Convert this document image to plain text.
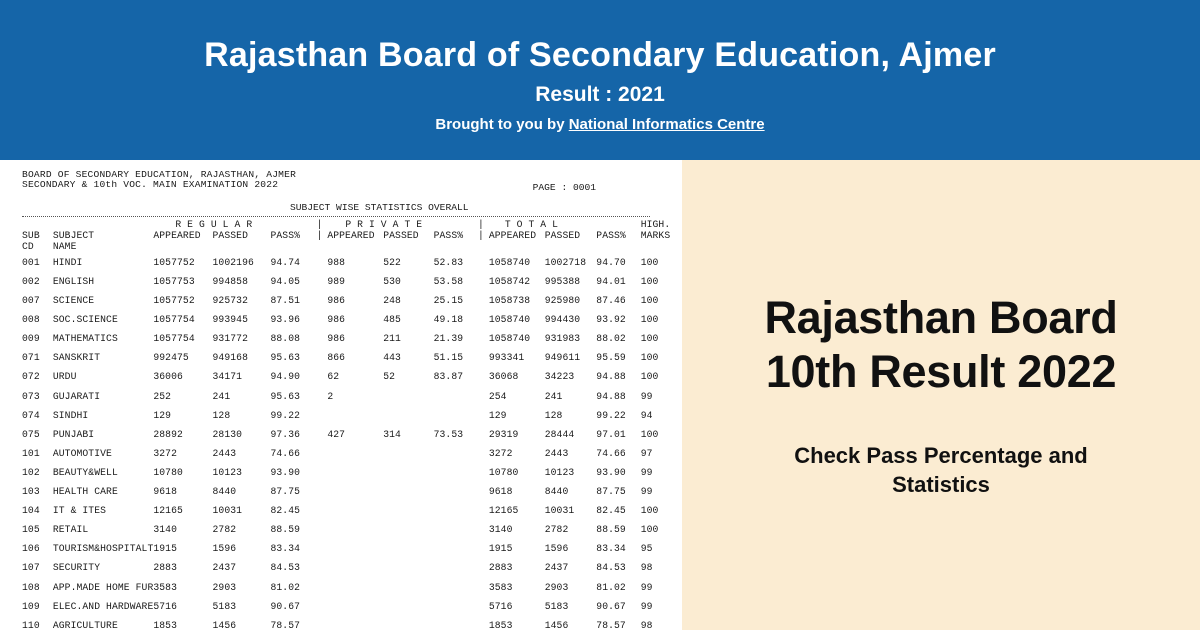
Rajasthan Board of Secondary Education, Ajmer
Result : 2021
Brought to you by National Informatics Centre
BOARD OF SECONDARY EDUCATION, RAJASTHAN, AJMER
SECONDARY & 10th VOC. MAIN EXAMINATION 2022	PAGE : 0001
SUBJECT WISE STATISTICS OVERALL
		R E G U L A R			|	P R I V A T E			|	T O T A L			HIGH.
SUB	SUBJECT	APPEARED	PASSED	PASS%	|	APPEARED	PASSED	PASS%	|	APPEARED	PASSED	PASS%	MARKS
CD	NAME												
001	HINDI	1057752	1002196	94.74		988	522	52.83		1058740	1002718	94.70	100
002	ENGLISH	1057753	994858	94.05		989	530	53.58		1058742	995388	94.01	100
007	SCIENCE	1057752	925732	87.51		986	248	25.15		1058738	925980	87.46	100
008	SOC.SCIENCE	1057754	993945	93.96		986	485	49.18		1058740	994430	93.92	100
009	MATHEMATICS	1057754	931772	88.08		986	211	21.39		1058740	931983	88.02	100
071	SANSKRIT	992475	949168	95.63		866	443	51.15		993341	949611	95.59	100
072	URDU	36006	34171	94.90		62	52	83.87		36068	34223	94.88	100
073	GUJARATI	252	241	95.63		2				254	241	94.88	99
074	SINDHI	129	128	99.22						129	128	99.22	94
075	PUNJABI	28892	28130	97.36		427	314	73.53		29319	28444	97.01	100
101	AUTOMOTIVE	3272	2443	74.66						3272	2443	74.66	97
102	BEAUTY&WELL	10780	10123	93.90						10780	10123	93.90	99
103	HEALTH CARE	9618	8440	87.75						9618	8440	87.75	99
104	IT & ITES	12165	10031	82.45						12165	10031	82.45	100
105	RETAIL	3140	2782	88.59						3140	2782	88.59	100
106	TOURISM&HOSPITALT	1915	1596	83.34						1915	1596	83.34	95
107	SECURITY	2883	2437	84.53						2883	2437	84.53	98
108	APP.MADE HOME FUR	3583	2903	81.02						3583	2903	81.02	99
109	ELEC.AND HARDWARE	5716	5183	90.67						5716	5183	90.67	99
110	AGRICULTURE	1853	1456	78.57						1853	1456	78.57	98
Rajasthan Board
10th Result 2022
Check Pass Percentage and
Statistics
